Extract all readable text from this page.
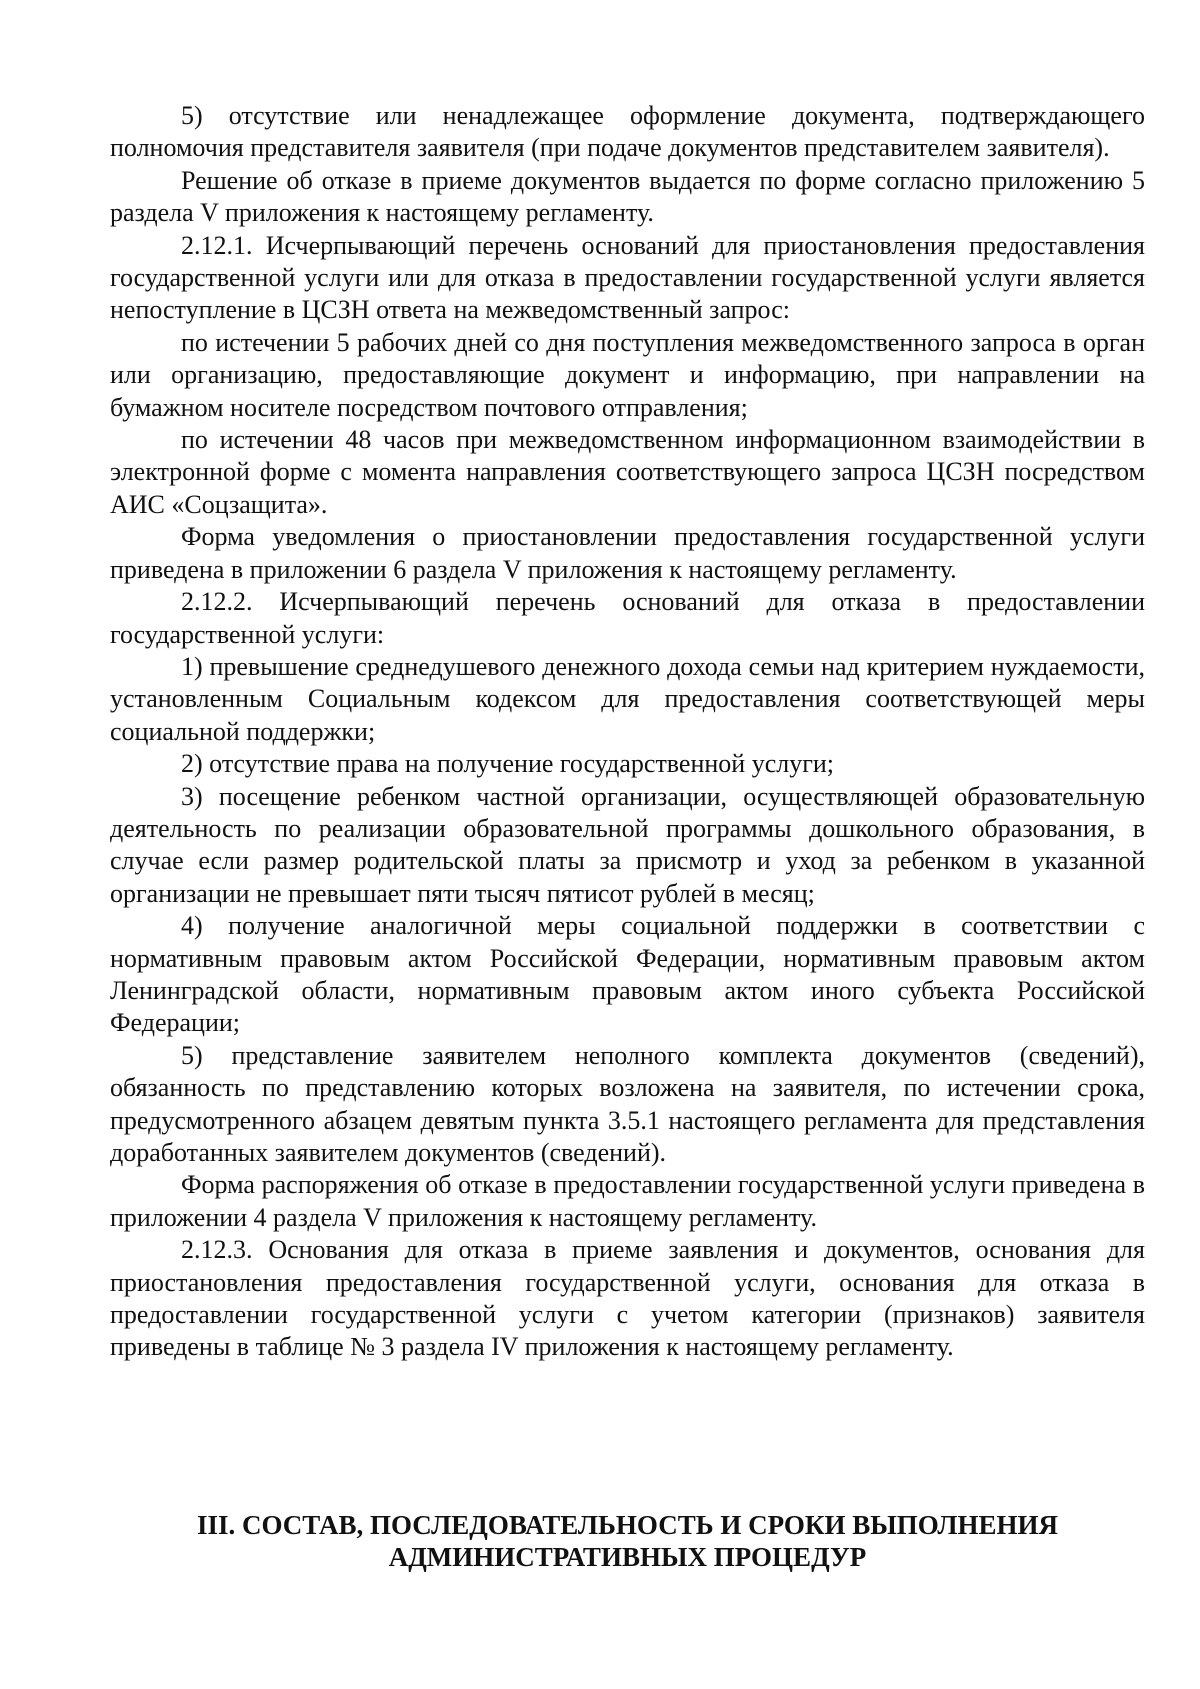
5) отсутствие или ненадлежащее оформление документа, подтверждающего полномочия представителя заявителя (при подаче документов представителем заявителя).

Решение об отказе в приеме документов выдается по форме согласно приложению 5 раздела V приложения к настоящему регламенту.

2.12.1. Исчерпывающий перечень оснований для приостановления предоставления государственной услуги или для отказа в предоставлении государственной услуги является непоступление в ЦСЗН ответа на межведомственный запрос:

по истечении 5 рабочих дней со дня поступления межведомственного запроса в орган или организацию, предоставляющие документ и информацию, при направлении на бумажном носителе посредством почтового отправления;

по истечении 48 часов при межведомственном информационном взаимодействии в электронной форме с момента направления соответствующего запроса ЦСЗН посредством АИС «Соцзащита».

Форма уведомления о приостановлении предоставления государственной услуги приведена в приложении 6 раздела V приложения к настоящему регламенту.

2.12.2. Исчерпывающий перечень оснований для отказа в предоставлении государственной услуги:

1) превышение среднедушевого денежного дохода семьи над критерием нуждаемости, установленным Социальным кодексом для предоставления соответствующей меры социальной поддержки;

2) отсутствие права на получение государственной услуги;

3) посещение ребенком частной организации, осуществляющей образовательную деятельность по реализации образовательной программы дошкольного образования, в случае если размер родительской платы за присмотр и уход за ребенком в указанной организации не превышает пяти тысяч пятисот рублей в месяц;

4) получение аналогичной меры социальной поддержки в соответствии с нормативным правовым актом Российской Федерации, нормативным правовым актом Ленинградской области, нормативным правовым актом иного субъекта Российской Федерации;

5) представление заявителем неполного комплекта документов (сведений), обязанность по представлению которых возложена на заявителя, по истечении срока, предусмотренного абзацем девятым пункта 3.5.1 настоящего регламента для представления доработанных заявителем документов (сведений).

Форма распоряжения об отказе в предоставлении государственной услуги приведена в приложении 4 раздела V приложения к настоящему регламенту.

2.12.3. Основания для отказа в приеме заявления и документов, основания для приостановления предоставления государственной услуги, основания для отказа в предоставлении государственной услуги с учетом категории (признаков) заявителя приведены в таблице № 3 раздела IV приложения к настоящему регламенту.

III. СОСТАВ, ПОСЛЕДОВАТЕЛЬНОСТЬ И СРОКИ ВЫПОЛНЕНИЯ
АДМИНИСТРАТИВНЫХ ПРОЦЕДУР
